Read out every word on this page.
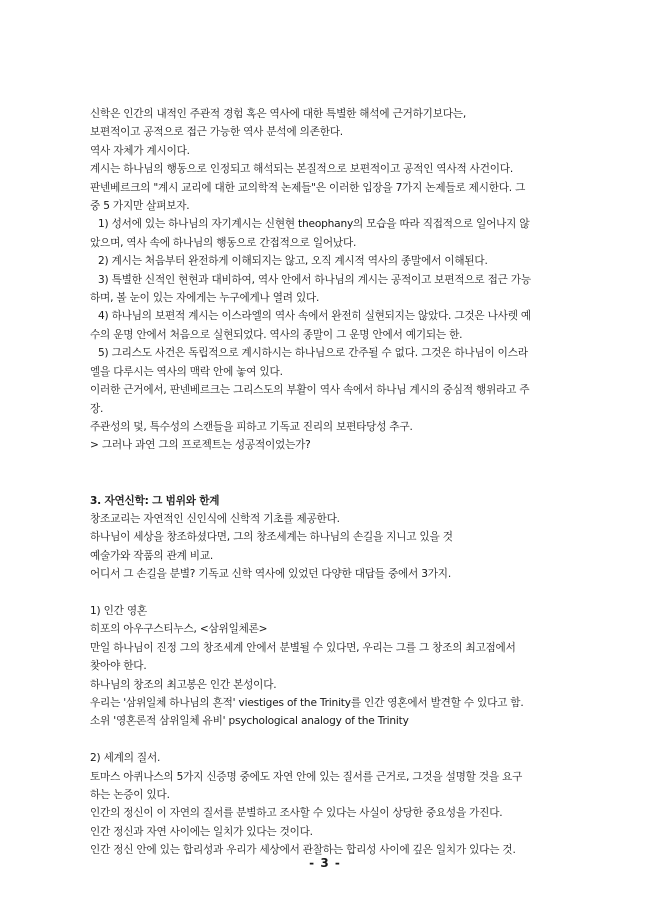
신학은 인간의 내적인 주관적 경험 혹은 역사에 대한 특별한 해석에 근거하기보다는,

보편적이고 공적으로 접근 가능한 역사 분석에 의존한다.

역사 자체가 계시이다.

계시는 하나님의 행동으로 인정되고 해석되는 본질적으로 보편적이고 공적인 역사적 사건이다.

판넨베르크의 "계시 교리에 대한 교의학적 논제들"은 이러한 입장을 7가지 논제들로 제시한다. 그

중 5 가지만 살펴보자.

1) 성서에 있는 하나님의 자기계시는 신현현 theophany의 모습을 따라 직접적으로 일어나지 않

았으며, 역사 속에 하나님의 행동으로 간접적으로 일어났다.

2) 계시는 처음부터 완전하게 이해되지는 않고, 오직 계시적 역사의 종말에서 이해된다.

3) 특별한 신적인 현현과 대비하여, 역사 안에서 하나님의 계시는 공적이고 보편적으로 접근 가능

하며, 볼 눈이 있는 자에게는 누구에게나 열려 있다.

4) 하나님의 보편적 계시는 이스라엘의 역사 속에서 완전히 실현되지는 않았다. 그것은 나사렛 예

수의 운명 안에서 처음으로 실현되었다. 역사의 종말이 그 운명 안에서 예기되는 한.

5) 그리스도 사건은 독립적으로 계시하시는 하나님으로 간주될 수 없다. 그것은 하나님이 이스라

엘을 다루시는 역사의 맥락 안에 놓여 있다.

이러한 근거에서, 판넨베르크는 그리스도의 부활이 역사 속에서 하나님 계시의 중심적 행위라고 주

장.

주관성의 덫, 특수성의 스캔들을 피하고 기독교 진리의 보편타당성 추구.

> 그러나 과연 그의 프로젝트는 성공적이었는가?

3. 자연신학: 그 범위와 한계

창조교리는 자연적인 신인식에 신학적 기초를 제공한다.

하나님이 세상을 창조하셨다면, 그의 창조세계는 하나님의 손길을 지니고 있을 것

예술가와 작품의 관계 비교.

어디서 그 손길을 분별? 기독교 신학 역사에 있었던 다양한 대답들 중에서 3가지.

1) 인간 영혼

히포의 아우구스티누스, <삼위일체론>

만일 하나님이 진정 그의 창조세계 안에서 분별될 수 있다면, 우리는 그를 그 창조의 최고점에서

찾아야 한다.

하나님의 창조의 최고봉은 인간 본성이다.

우리는 '삼위일체 하나님의 흔적' viestiges of the Trinity를 인간 영혼에서 발견할 수 있다고 함.

소위 '영혼론적 삼위일체 유비' psychological analogy of the Trinity

2) 세계의 질서.

토마스 아퀴나스의 5가지 신증명 중에도 자연 안에 있는 질서를 근거로, 그것을 설명할 것을 요구

하는 논증이 있다.

인간의 정신이 이 자연의 질서를 분별하고 조사할 수 있다는 사실이 상당한 중요성을 가진다.

인간 정신과 자연 사이에는 일치가 있다는 것이다.

인간 정신 안에 있는 합리성과 우리가 세상에서 관찰하는 합리성 사이에 깊은 일치가 있다는 것.

- 3 -
